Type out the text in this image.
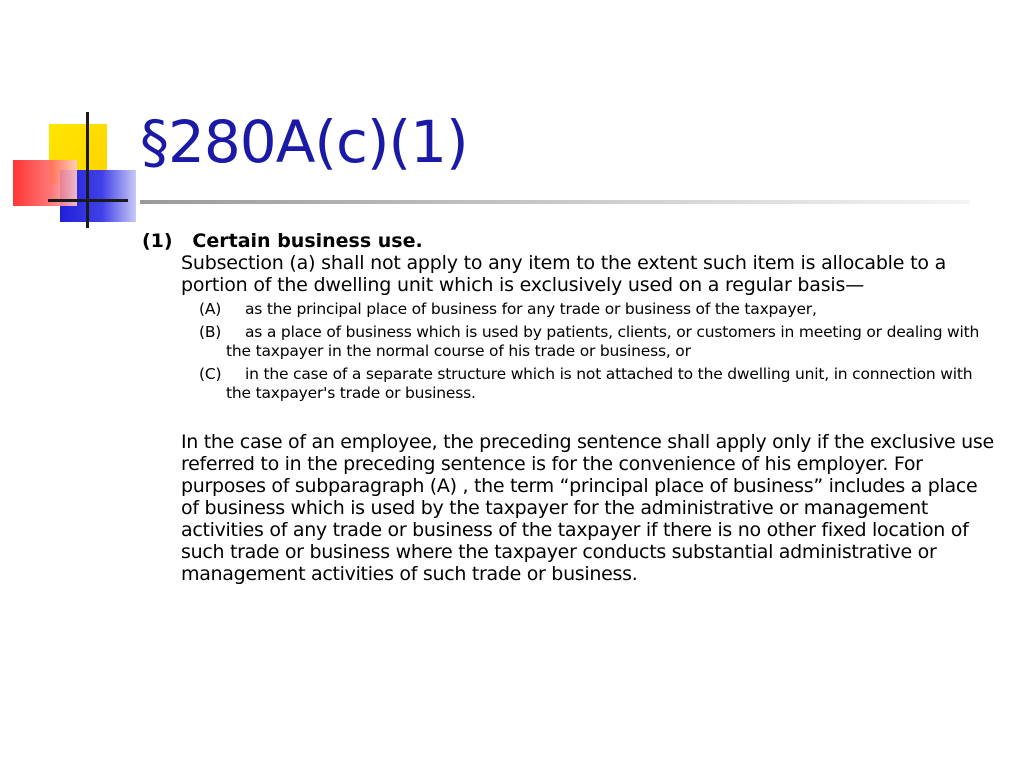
§280A(c)(1)

(1)   Certain business use.

Subsection (a) shall not apply to any item to the extent such item is allocable to a portion of the dwelling unit which is exclusively used on a regular basis—

(A) as the principal place of business for any trade or business of the taxpayer,

(B) as a place of business which is used by patients, clients, or customers in meeting or dealing with the taxpayer in the normal course of his trade or business, or

(C) in the case of a separate structure which is not attached to the dwelling unit, in connection with the taxpayer's trade or business.

In the case of an employee, the preceding sentence shall apply only if the exclusive use referred to in the preceding sentence is for the convenience of his employer. For purposes of subparagraph (A) , the term “principal place of business” includes a place of business which is used by the taxpayer for the administrative or management activities of any trade or business of the taxpayer if there is no other fixed location of such trade or business where the taxpayer conducts substantial administrative or management activities of such trade or business.
